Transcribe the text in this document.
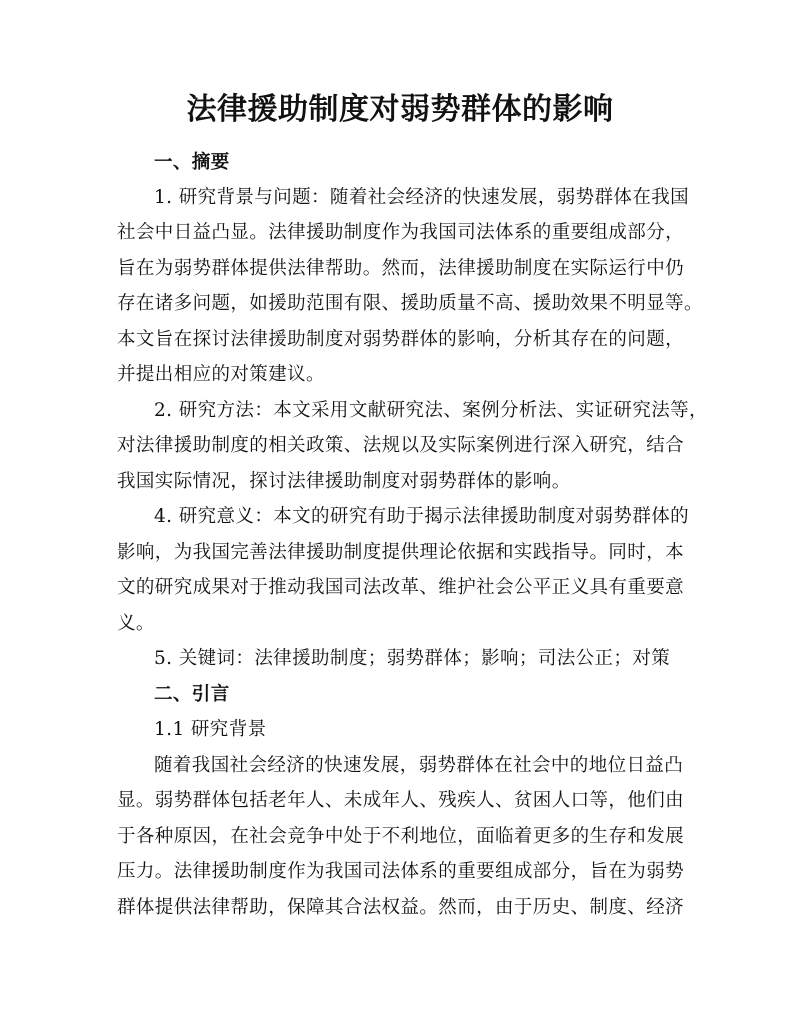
法律援助制度对弱势群体的影响
一、摘要
1. 研究背景与问题：随着社会经济的快速发展，弱势群体在我国
社会中日益凸显。法律援助制度作为我国司法体系的重要组成部分，
旨在为弱势群体提供法律帮助。然而，法律援助制度在实际运行中仍
存在诸多问题，如援助范围有限、援助质量不高、援助效果不明显等。
本文旨在探讨法律援助制度对弱势群体的影响，分析其存在的问题，
并提出相应的对策建议。
2. 研究方法：本文采用文献研究法、案例分析法、实证研究法等，
对法律援助制度的相关政策、法规以及实际案例进行深入研究，结合
我国实际情况，探讨法律援助制度对弱势群体的影响。
4. 研究意义：本文的研究有助于揭示法律援助制度对弱势群体的
影响，为我国完善法律援助制度提供理论依据和实践指导。同时，本
文的研究成果对于推动我国司法改革、维护社会公平正义具有重要意
义。
5. 关键词：法律援助制度；弱势群体；影响；司法公正；对策
二、引言
1.1 研究背景
随着我国社会经济的快速发展，弱势群体在社会中的地位日益凸
显。弱势群体包括老年人、未成年人、残疾人、贫困人口等，他们由
于各种原因，在社会竞争中处于不利地位，面临着更多的生存和发展
压力。法律援助制度作为我国司法体系的重要组成部分，旨在为弱势
群体提供法律帮助，保障其合法权益。然而，由于历史、制度、经济
